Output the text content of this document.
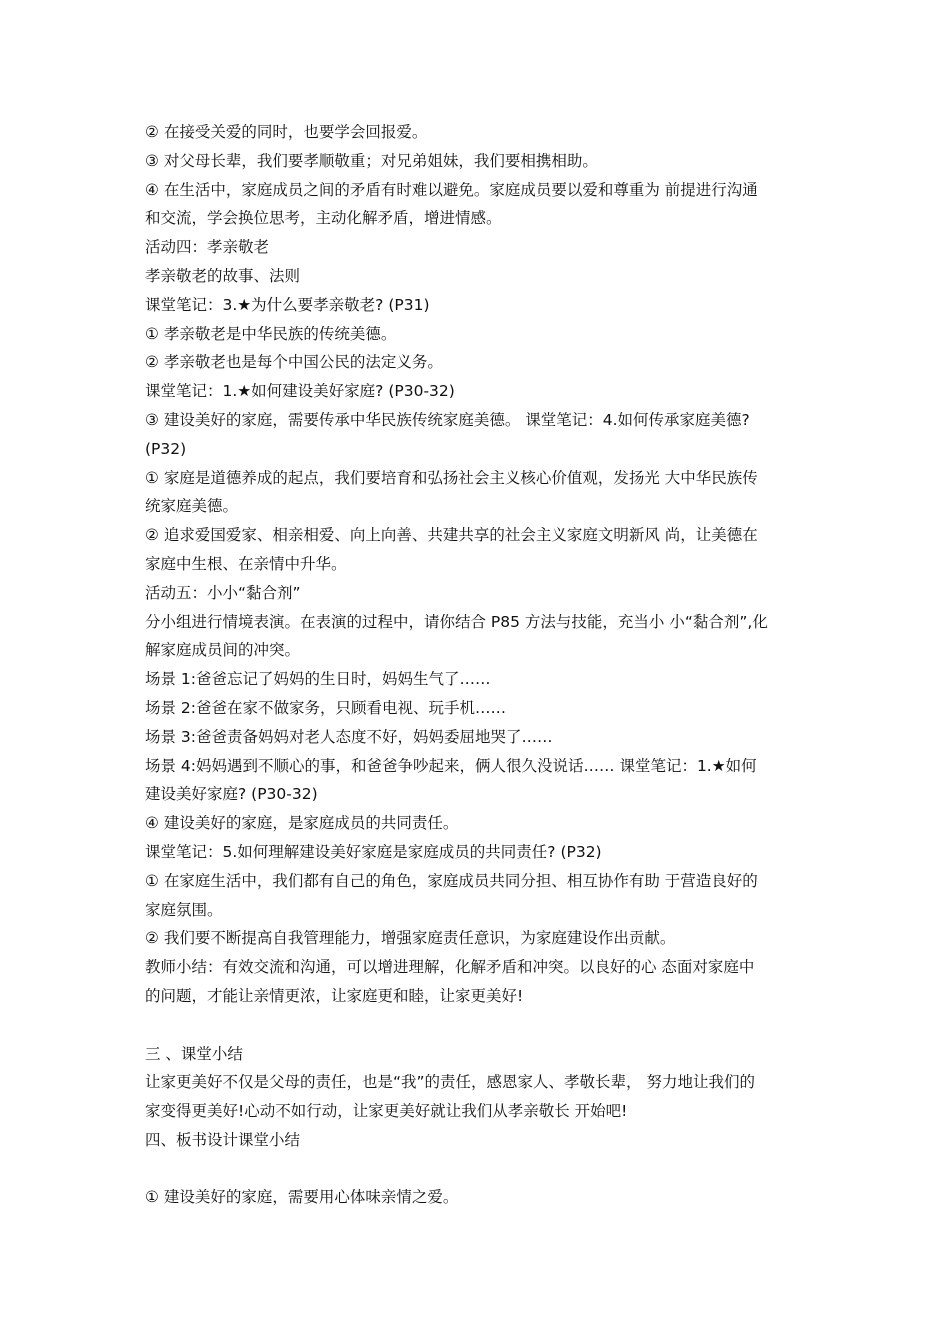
② 在接受关爱的同时，也要学会回报爱。
③ 对父母长辈，我们要孝顺敬重；对兄弟姐妹，我们要相携相助。
④ 在生活中，家庭成员之间的矛盾有时难以避免。家庭成员要以爱和尊重为 前提进行沟通
和交流，学会换位思考，主动化解矛盾，增进情感。
活动四：孝亲敬老
孝亲敬老的故事、法则
课堂笔记：3.★为什么要孝亲敬老? (P31)
① 孝亲敬老是中华民族的传统美德。
② 孝亲敬老也是每个中国公民的法定义务。
课堂笔记：1.★如何建设美好家庭? (P30-32)
③ 建设美好的家庭，需要传承中华民族传统家庭美德。 课堂笔记：4.如何传承家庭美德?
(P32)
① 家庭是道德养成的起点，我们要培育和弘扬社会主义核心价值观，发扬光 大中华民族传
统家庭美德。
② 追求爱国爱家、相亲相爱、向上向善、共建共享的社会主义家庭文明新风 尚，让美德在
家庭中生根、在亲情中升华。
活动五：小小“黏合剂”
分小组进行情境表演。在表演的过程中，请你结合 P85 方法与技能，充当小 小“黏合剂”,化
解家庭成员间的冲突。
场景 1:爸爸忘记了妈妈的生日时，妈妈生气了……
场景 2:爸爸在家不做家务，只顾看电视、玩手机……
场景 3:爸爸责备妈妈对老人态度不好，妈妈委屈地哭了……
场景 4:妈妈遇到不顺心的事，和爸爸争吵起来，俩人很久没说话…… 课堂笔记：1.★如何
建设美好家庭? (P30-32)
④ 建设美好的家庭，是家庭成员的共同责任。
课堂笔记：5.如何理解建设美好家庭是家庭成员的共同责任? (P32)
① 在家庭生活中，我们都有自己的角色，家庭成员共同分担、相互协作有助 于营造良好的
家庭氛围。
② 我们要不断提高自我管理能力，增强家庭责任意识，为家庭建设作出贡献。
教师小结：有效交流和沟通，可以增进理解，化解矛盾和冲突。以良好的心 态面对家庭中
的问题，才能让亲情更浓，让家庭更和睦，让家更美好!
三 、课堂小结
让家更美好不仅是父母的责任，也是“我”的责任，感恩家人、孝敬长辈， 努力地让我们的
家变得更美好!心动不如行动，让家更美好就让我们从孝亲敬长 开始吧!
四、板书设计课堂小结
① 建设美好的家庭，需要用心体味亲情之爱。
